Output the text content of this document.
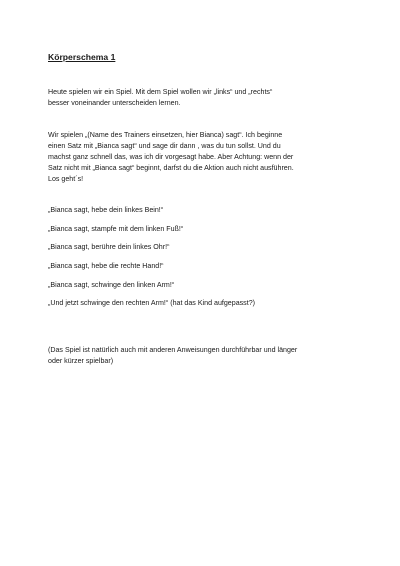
Körperschema 1

Heute spielen wir ein Spiel. Mit dem Spiel wollen wir „links“ und „rechts“
besser voneinander unterscheiden lernen.

Wir spielen „(Name des Trainers einsetzen, hier Bianca) sagt“. Ich beginne
einen Satz mit „Bianca sagt“ und sage dir dann , was du tun sollst. Und du
machst ganz schnell das, was ich dir vorgesagt habe. Aber Achtung: wenn der
Satz nicht mit „Bianca sagt“ beginnt, darfst du die Aktion auch nicht ausführen.
Los geht´s!

„Bianca sagt, hebe dein linkes Bein!“
„Bianca sagt, stampfe mit dem linken Fuß!“
„Bianca sagt, berühre dein linkes Ohr!“
„Bianca sagt, hebe die rechte Hand!“
„Bianca sagt, schwinge den linken Arm!“
„Und jetzt schwinge den rechten Arm!“ (hat das Kind aufgepasst?)

(Das Spiel ist natürlich auch mit anderen Anweisungen durchführbar und länger
oder kürzer spielbar)
